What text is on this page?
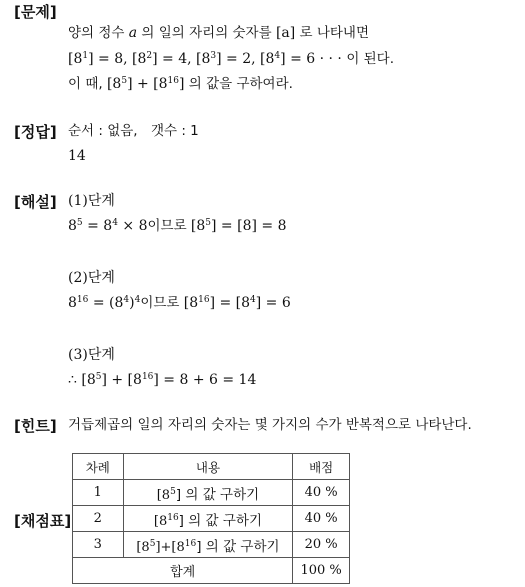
[문제]
양의 정수 a 의 일의 자리의 숫자를 [a] 로 나타내면
$[8^1] = 8$, $[8^2] = 4$, $[8^3] = 2$, $[8^4] = 6$ · · · 이 된다.
이 때, $[8^5] + [8^{16}]$ 의 값을 구하여라.
[정답] 순서 : 없음, 갯수 : 1
14
[해설] (1)단계
$8^5 = 8^4 \times 8$이므로 $[8^5] = [8] = 8$
(2)단계
$8^{16} = (8^4)^4$이므로 $[8^{16}] = [8^4] = 6$
(3)단계
∴ $[8^5] + [8^{16}] = 8 + 6 = 14$
[힌트] 거듭제곱의 일의 자리의 숫자는 몇 가지의 수가 반복적으로 나타난다.
[채점표]
차례	내용	배점
1	$[8^5]$ 의 값 구하기	40 %
2	$[8^{16}]$ 의 값 구하기	40 %
3	$[8^5]+[8^{16}]$ 의 값 구하기	20 %
합계		100 %
